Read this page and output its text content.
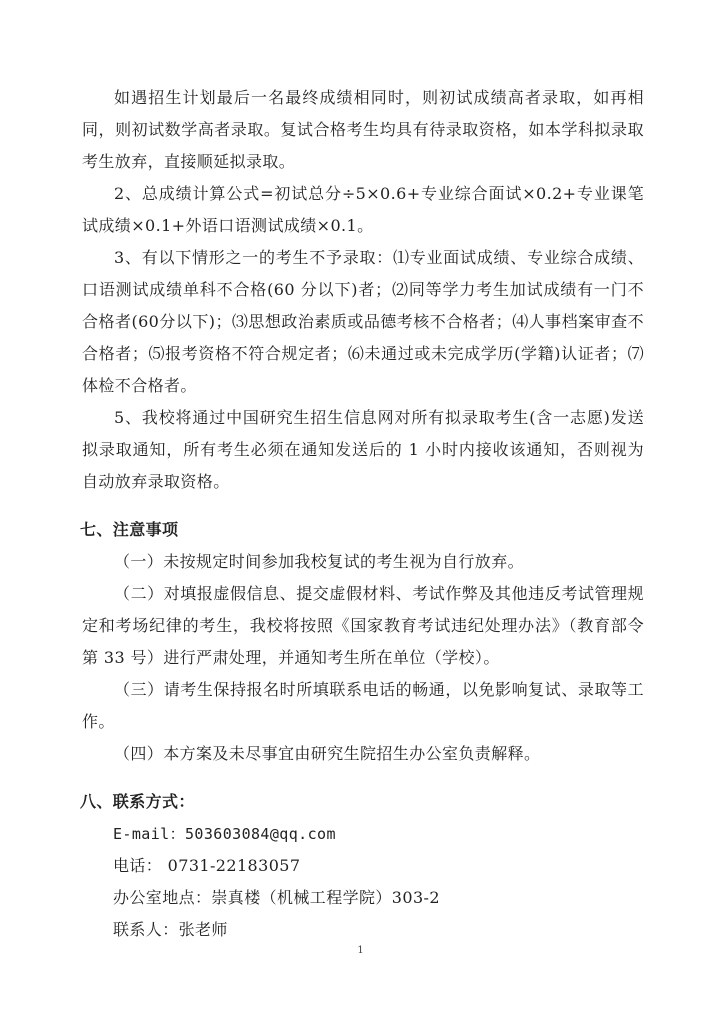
如遇招生计划最后一名最终成绩相同时，则初试成绩高者录取，如再相同，则初试数学高者录取。复试合格考生均具有待录取资格，如本学科拟录取考生放弃，直接顺延拟录取。

2、总成绩计算公式=初试总分÷5×0.6+专业综合面试×0.2+专业课笔试成绩×0.1+外语口语测试成绩×0.1。

3、有以下情形之一的考生不予录取：⑴专业面试成绩、专业综合成绩、口语测试成绩单科不合格(60 分以下)者；⑵同等学力考生加试成绩有一门不合格者(60分以下)；⑶思想政治素质或品德考核不合格者；⑷人事档案审查不合格者；⑸报考资格不符合规定者；⑹未通过或未完成学历(学籍)认证者；⑺体检不合格者。

5、我校将通过中国研究生招生信息网对所有拟录取考生(含一志愿)发送拟录取通知，所有考生必须在通知发送后的 1 小时内接收该通知，否则视为自动放弃录取资格。

七、注意事项

（一）未按规定时间参加我校复试的考生视为自行放弃。

（二）对填报虚假信息、提交虚假材料、考试作弊及其他违反考试管理规定和考场纪律的考生，我校将按照《国家教育考试违纪处理办法》（教育部令第 33 号）进行严肃处理，并通知考生所在单位（学校）。

（三）请考生保持报名时所填联系电话的畅通，以免影响复试、录取等工作。

（四）本方案及未尽事宜由研究生院招生办公室负责解释。

八、联系方式：

E-mail：503603084@qq.com

电话： 0731-22183057

办公室地点：崇真楼（机械工程学院）303-2

联系人：张老师

1
